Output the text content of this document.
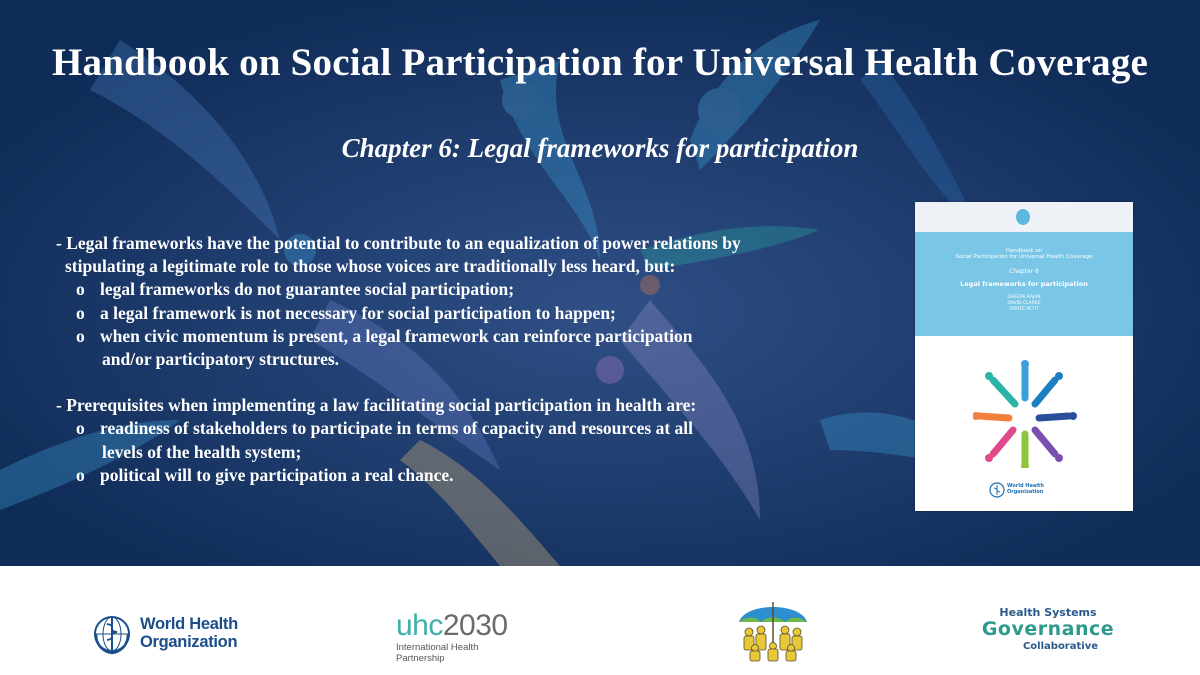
Handbook on Social Participation for Universal Health Coverage
Chapter 6: Legal frameworks for participation
- Legal frameworks have the potential to contribute to an equalization of power relations by
stipulating a legitimate role to those whose voices are traditionally less heard, but:
o legal frameworks do not guarantee social participation;
o a legal framework is not necessary for social participation to happen;
o when civic momentum is present, a legal framework can reinforce participation
and/or participatory structures.
- Prerequisites when implementing a law facilitating social participation in health are:
o readiness of stakeholders to participate in terms of capacity and resources at all
levels of the health system;
o political will to give participation a real chance.
Handbook on
Social Participation for Universal Health Coverage
Chapter 6
Legal frameworks for participation
DHEEPA RAJAN
DAVID CLARKE
DÖRTE PETIT
World Health
Organization
World Health
Organization	uhc2030
International Health Partnership
Health Systems
Governance
Collaborative
